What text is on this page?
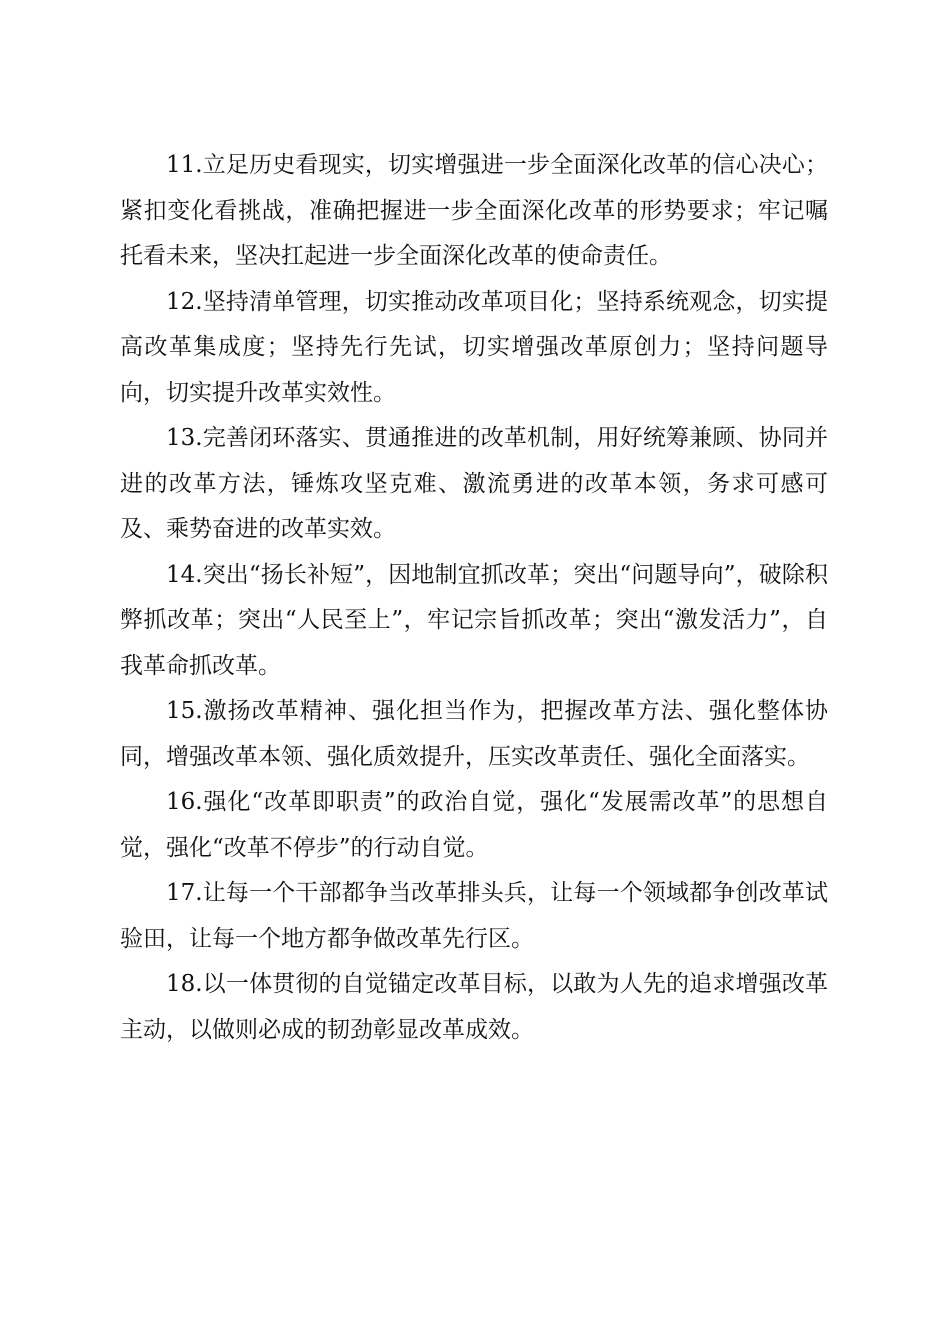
11.立足历史看现实，切实增强进一步全面深化改革的信心决心；紧扣变化看挑战，准确把握进一步全面深化改革的形势要求；牢记嘱托看未来，坚决扛起进一步全面深化改革的使命责任。

12.坚持清单管理，切实推动改革项目化；坚持系统观念，切实提高改革集成度；坚持先行先试，切实增强改革原创力；坚持问题导向，切实提升改革实效性。

13.完善闭环落实、贯通推进的改革机制，用好统筹兼顾、协同并进的改革方法，锤炼攻坚克难、激流勇进的改革本领，务求可感可及、乘势奋进的改革实效。

14.突出“扬长补短”，因地制宜抓改革；突出“问题导向”，破除积弊抓改革；突出“人民至上”，牢记宗旨抓改革；突出“激发活力”，自我革命抓改革。

15.激扬改革精神、强化担当作为，把握改革方法、强化整体协同，增强改革本领、强化质效提升，压实改革责任、强化全面落实。

16.强化“改革即职责”的政治自觉，强化“发展需改革”的思想自觉，强化“改革不停步”的行动自觉。

17.让每一个干部都争当改革排头兵，让每一个领域都争创改革试验田，让每一个地方都争做改革先行区。

18.以一体贯彻的自觉锚定改革目标，以敢为人先的追求增强改革主动，以做则必成的韧劲彰显改革成效。
